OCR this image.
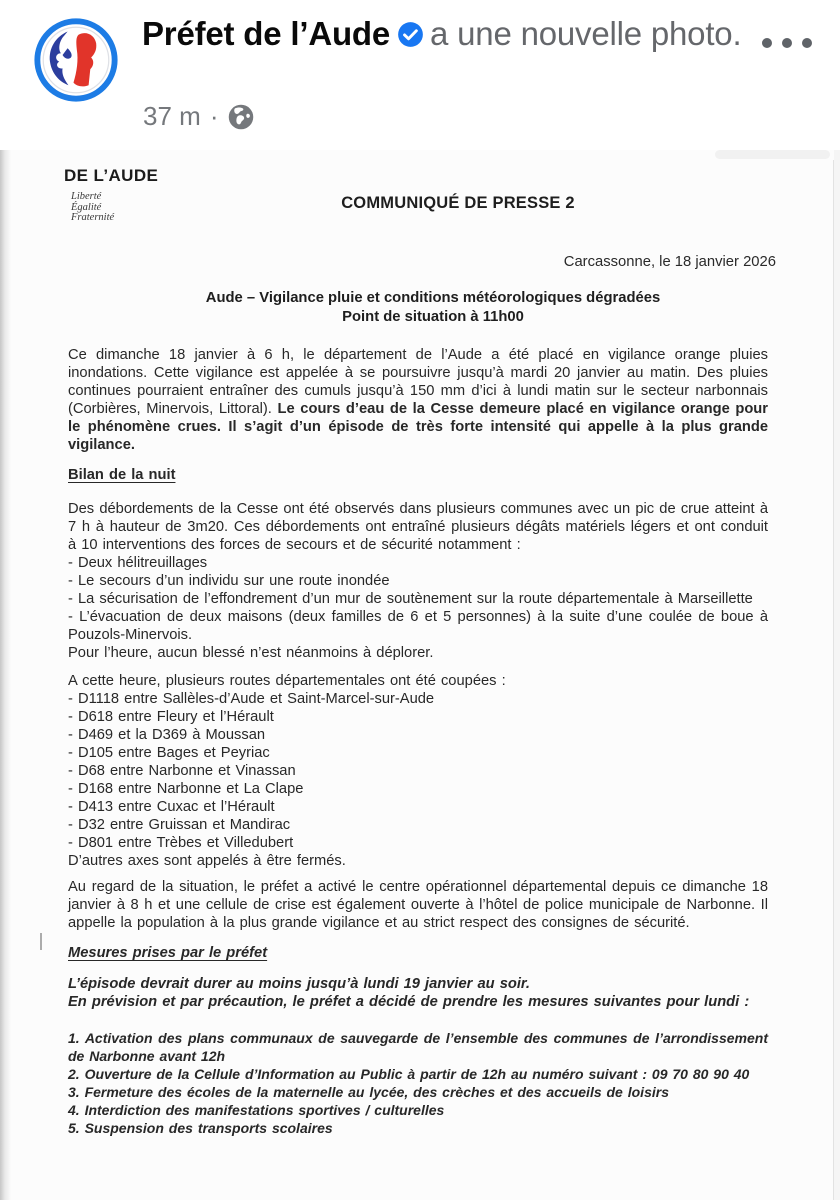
Préfet de l’Aude a une nouvelle photo.
37 m ·
DE L’AUDE
Liberté
Égalité
Fraternité
COMMUNIQUÉ DE PRESSE 2
Carcassonne, le 18 janvier 2026
Aude – Vigilance pluie et conditions météorologiques dégradées
Point de situation à 11h00
Ce dimanche 18 janvier à 6 h, le département de l’Aude a été placé en vigilance orange pluies inondations. Cette vigilance est appelée à se poursuivre jusqu’à mardi 20 janvier au matin. Des pluies continues pourraient entraîner des cumuls jusqu’à 150 mm d’ici à lundi matin sur le secteur narbonnais (Corbières, Minervois, Littoral). Le cours d’eau de la Cesse demeure placé en vigilance orange pour le phénomène crues. Il s’agit d’un épisode de très forte intensité qui appelle à la plus grande vigilance.
Bilan de la nuit
Des débordements de la Cesse ont été observés dans plusieurs communes avec un pic de crue atteint à 7 h à hauteur de 3m20. Ces débordements ont entraîné plusieurs dégâts matériels légers et ont conduit à 10 interventions des forces de secours et de sécurité notamment :
- Deux hélitreuillages
- Le secours d’un individu sur une route inondée
- La sécurisation de l’effondrement d’un mur de soutènement sur la route départementale à Marseillette
- L’évacuation de deux maisons (deux familles de 6 et 5 personnes) à la suite d’une coulée de boue à Pouzols-Minervois.
Pour l’heure, aucun blessé n’est néanmoins à déplorer.
A cette heure, plusieurs routes départementales ont été coupées :
- D1118 entre Sallèles-d’Aude et Saint-Marcel-sur-Aude
- D618 entre Fleury et l’Hérault
- D469 et la D369 à Moussan
- D105 entre Bages et Peyriac
- D68 entre Narbonne et Vinassan
- D168 entre Narbonne et La Clape
- D413 entre Cuxac et l’Hérault
- D32 entre Gruissan et Mandirac
- D801 entre Trèbes et Villedubert
D’autres axes sont appelés à être fermés.
Au regard de la situation, le préfet a activé le centre opérationnel départemental depuis ce dimanche 18 janvier à 8 h et une cellule de crise est également ouverte à l’hôtel de police municipale de Narbonne. Il appelle la population à la plus grande vigilance et au strict respect des consignes de sécurité.
Mesures prises par le préfet
L’épisode devrait durer au moins jusqu’à lundi 19 janvier au soir.
En prévision et par précaution, le préfet a décidé de prendre les mesures suivantes pour lundi :
1. Activation des plans communaux de sauvegarde de l’ensemble des communes de l’arrondissement de Narbonne avant 12h
2. Ouverture de la Cellule d’Information au Public à partir de 12h au numéro suivant : 09 70 80 90 40
3. Fermeture des écoles de la maternelle au lycée, des crèches et des accueils de loisirs
4. Interdiction des manifestations sportives / culturelles
5. Suspension des transports scolaires
